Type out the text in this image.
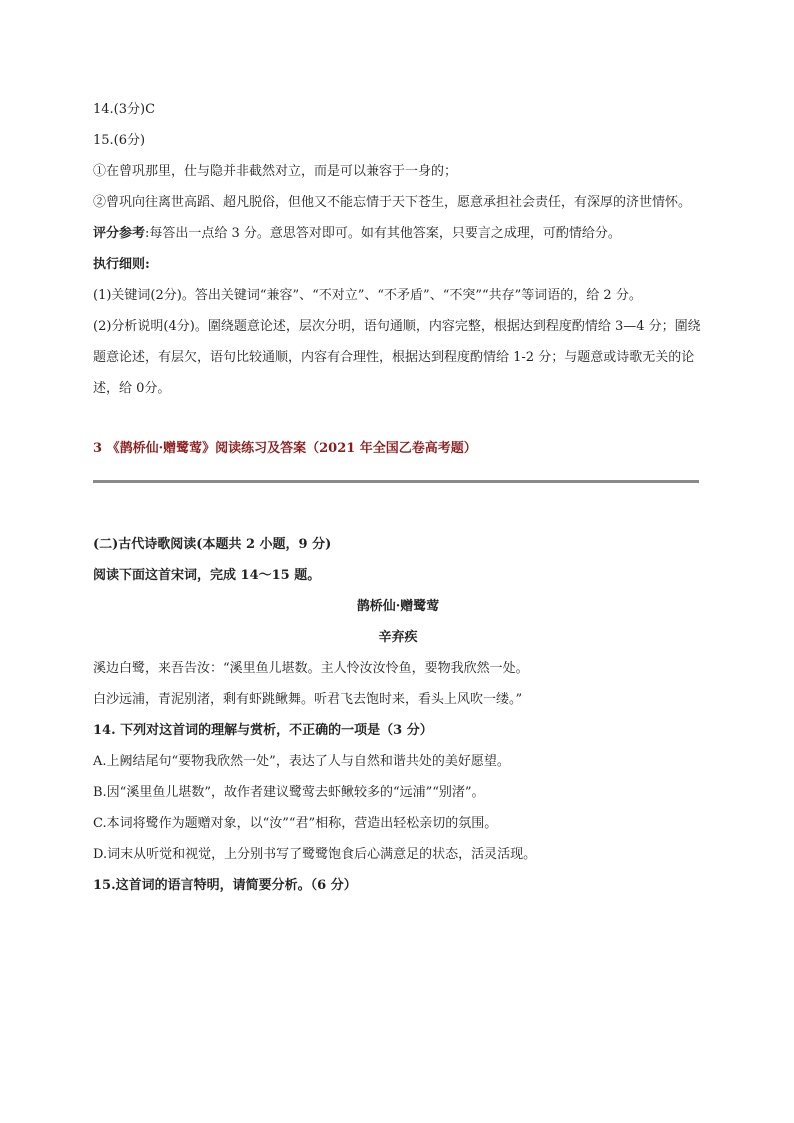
14.(3分)C
15.(6分)
①在曾巩那里，仕与隐并非截然对立，而是可以兼容于一身的；
②曾巩向往离世高蹈、超凡脱俗，但他又不能忘情于天下苍生，愿意承担社会责任，有深厚的济世情怀。
评分参考:每答出一点给 3 分。意思答对即可。如有其他答案，只要言之成理，可酌情给分。
执行细则:
(1)关键词(2分)。答出关键词“兼容”、“不对立”、“不矛盾”、“不突”“共存”等词语的，给 2 分。
(2)分析说明(4分)。圍绕题意论述，层次分明，语句通顺，内容完整，根据达到程度酌情给 3—4 分；圍绕题意论述，有层欠，语句比较通顺，内容有合理性，根据达到程度酌情给 1-2 分；与题意或诗歌无关的论述，给 0分。
3 《鹊桥仙·赠鹭莺》阅读练习及答案（2021 年全国乙卷高考题）
(二)古代诗歌阅读(本题共 2 小题，9 分)
阅读下面这首宋词，完成 14～15 题。
鹊桥仙·赠鹭莺
辛弃疾
溪边白鹭，来吾告汝：“溪里鱼儿堪数。主人怜汝汝怜鱼，要物我欣然一处。
白沙远浦，青泥别渚，剩有虾跳鳅舞。听君飞去饱时来，看头上风吹一缕。”
14. 下列对这首词的理解与赏析，不正确的一项是（3 分）
A.上阙结尾句“要物我欣然一处”，表达了人与自然和谐共处的美好愿望。
B.因“溪里鱼儿堪数”，故作者建议鹭莺去虾鳅较多的“远浦”“别渚”。
C.本词将鹭作为题赠对象，以“汝”“君”相称，营造出轻松亲切的氛围。
D.词末从听觉和视觉，上分别书写了鹭鹭饱食后心满意足的状态，活灵活现。
15.这首词的语言特明，请简要分析。（6 分）
